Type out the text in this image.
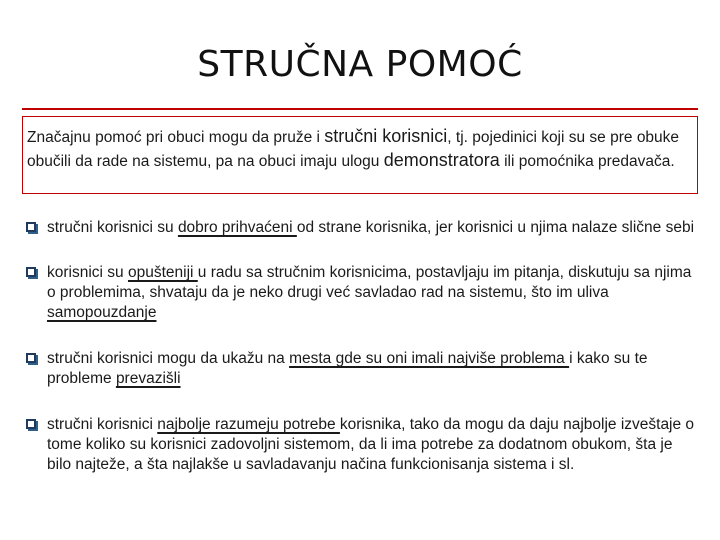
STRUČNA POMOĆ
Značajnu pomoć pri obuci mogu da pruže i stručni korisnici, tj. pojedinici koji su se pre obuke obučili da rade na sistemu, pa na obuci imaju ulogu demonstratora ili pomoćnika predavača.
stručni korisnici su dobro prihvaćeni od strane korisnika, jer korisnici u njima nalaze slične sebi
korisnici su opušteniji u radu sa stručnim korisnicima, postavljaju im pitanja, diskutuju sa njima o problemima, shvataju da je neko drugi već savladao rad na sistemu, što im uliva samopouzdanje
stručni korisnici mogu da ukažu na mesta gde su oni imali najviše problema i kako su te probleme prevazišli
stručni korisnici najbolje razumeju potrebe korisnika, tako da mogu da daju najbolje izveštaje o tome koliko su korisnici zadovoljni sistemom, da li ima potrebe za dodatnom obukom, šta je bilo najteže, a šta najlakše u savladavanju načina funkcionisanja sistema i sl.
